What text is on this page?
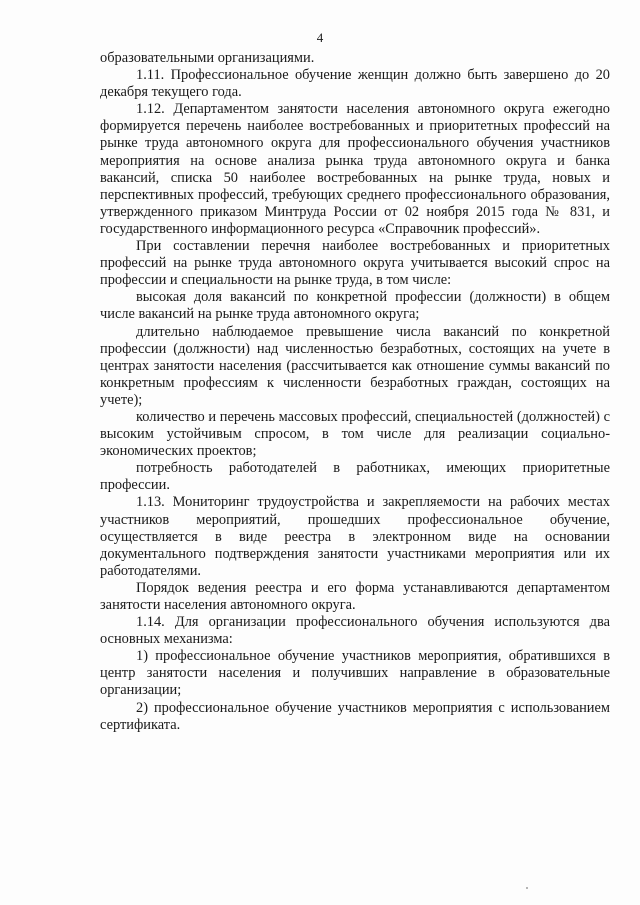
4

образовательными организациями.

1.11. Профессиональное обучение женщин должно быть завершено до 20 декабря текущего года.

1.12. Департаментом занятости населения автономного округа ежегодно формируется перечень наиболее востребованных и приоритетных профессий на рынке труда автономного округа для профессионального обучения участников мероприятия на основе анализа рынка труда автономного округа и банка вакансий, списка 50 наиболее востребованных на рынке труда, новых и перспективных профессий, требующих среднего профессионального образования, утвержденного приказом Минтруда России от 02 ноября 2015 года № 831, и государственного информационного ресурса «Справочник профессий».

При составлении перечня наиболее востребованных и приоритетных профессий на рынке труда автономного округа учитывается высокий спрос на профессии и специальности на рынке труда, в том числе:

высокая доля вакансий по конкретной профессии (должности) в общем числе вакансий на рынке труда автономного округа;

длительно наблюдаемое превышение числа вакансий по конкретной профессии (должности) над численностью безработных, состоящих на учете в центрах занятости населения (рассчитывается как отношение суммы вакансий по конкретным профессиям к численности безработных граждан, состоящих на учете);

количество и перечень массовых профессий, специальностей (должностей) с высоким устойчивым спросом, в том числе для реализации социально-экономических проектов;

потребность работодателей в работниках, имеющих приоритетные профессии.

1.13. Мониторинг трудоустройства и закрепляемости на рабочих местах участников мероприятий, прошедших профессиональное обучение, осуществляется в виде реестра в электронном виде на основании документального подтверждения занятости участниками мероприятия или их работодателями.

Порядок ведения реестра и его форма устанавливаются департаментом занятости населения автономного округа.

1.14. Для организации профессионального обучения используются два основных механизма:

1) профессиональное обучение участников мероприятия, обратившихся в центр занятости населения и получивших направление в образовательные организации;

2) профессиональное обучение участников мероприятия с использованием сертификата.
